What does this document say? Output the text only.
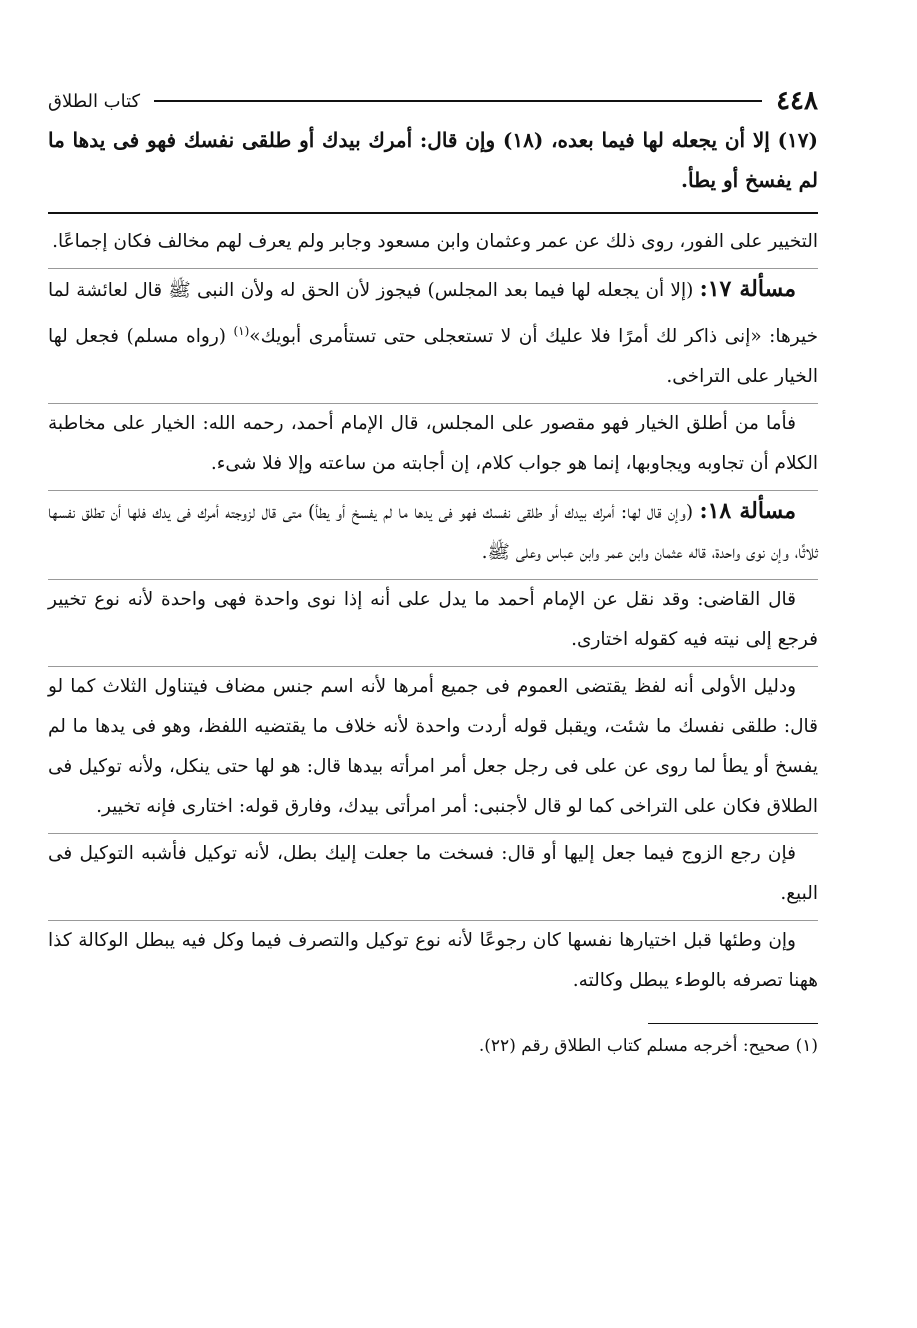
٤٤٨
كتاب الطلاق
(١٧) إلا أن يجعله لها فيما بعده، (١٨) وإن قال: أمرك بيدك أو طلقى نفسك فهو فى يدها ما لم يفسخ أو يطأ.

التخيير على الفور، روى ذلك عن عمر وعثمان وابن مسعود وجابر ولم يعرف لهم مخالف فكان إجماعًا.

مسألة ١٧: (إلا أن يجعله لها فيما بعد المجلس) فيجوز لأن الحق له ولأن النبى ﷺ قال لعائشة لما خيرها: «إنى ذاكر لك أمرًا فلا عليك أن لا تستعجلى حتى تستأمرى أبويك»$^{(١)}$ (رواه مسلم) فجعل لها الخيار على التراخى.

فأما من أطلق الخيار فهو مقصور على المجلس، قال الإمام أحمد، رحمه الله: الخيار على مخاطبة الكلام أن تجاوبه ويجاوبها، إنما هو جواب كلام، إن أجابته من ساعته وإلا فلا شىء.

مسألة ١٨: (وإن قال لها: أمرك بيدك أو طلقى نفسك فهو فى يدها ما لم يفسخ أو يطأ) متى قال لزوجته أمرك فى يدك فلها أن تطلق نفسها ثلاثًا، وإن نوى واحدة، قاله عثمان وابن عمر وابن عباس وعلى ﷺ.

قال القاضى: وقد نقل عن الإمام أحمد ما يدل على أنه إذا نوى واحدة فهى واحدة لأنه نوع تخيير فرجع إلى نيته فيه كقوله اختارى.

ودليل الأولى أنه لفظ يقتضى العموم فى جميع أمرها لأنه اسم جنس مضاف فيتناول الثلاث كما لو قال: طلقى نفسك ما شئت، ويقبل قوله أردت واحدة لأنه خلاف ما يقتضيه اللفظ، وهو فى يدها ما لم يفسخ أو يطأ لما روى عن على فى رجل جعل أمر امرأته بيدها قال: هو لها حتى ينكل، ولأنه توكيل فى الطلاق فكان على التراخى كما لو قال لأجنبى: أمر امرأتى بيدك، وفارق قوله: اختارى فإنه تخيير.

فإن رجع الزوج فيما جعل إليها أو قال: فسخت ما جعلت إليك بطل، لأنه توكيل فأشبه التوكيل فى البيع.

وإن وطئها قبل اختيارها نفسها كان رجوعًا لأنه نوع توكيل والتصرف فيما وكل فيه يبطل الوكالة كذا ههنا تصرفه بالوطء يبطل وكالته.

(١) صحيح: أخرجه مسلم كتاب الطلاق رقم (٢٢).
